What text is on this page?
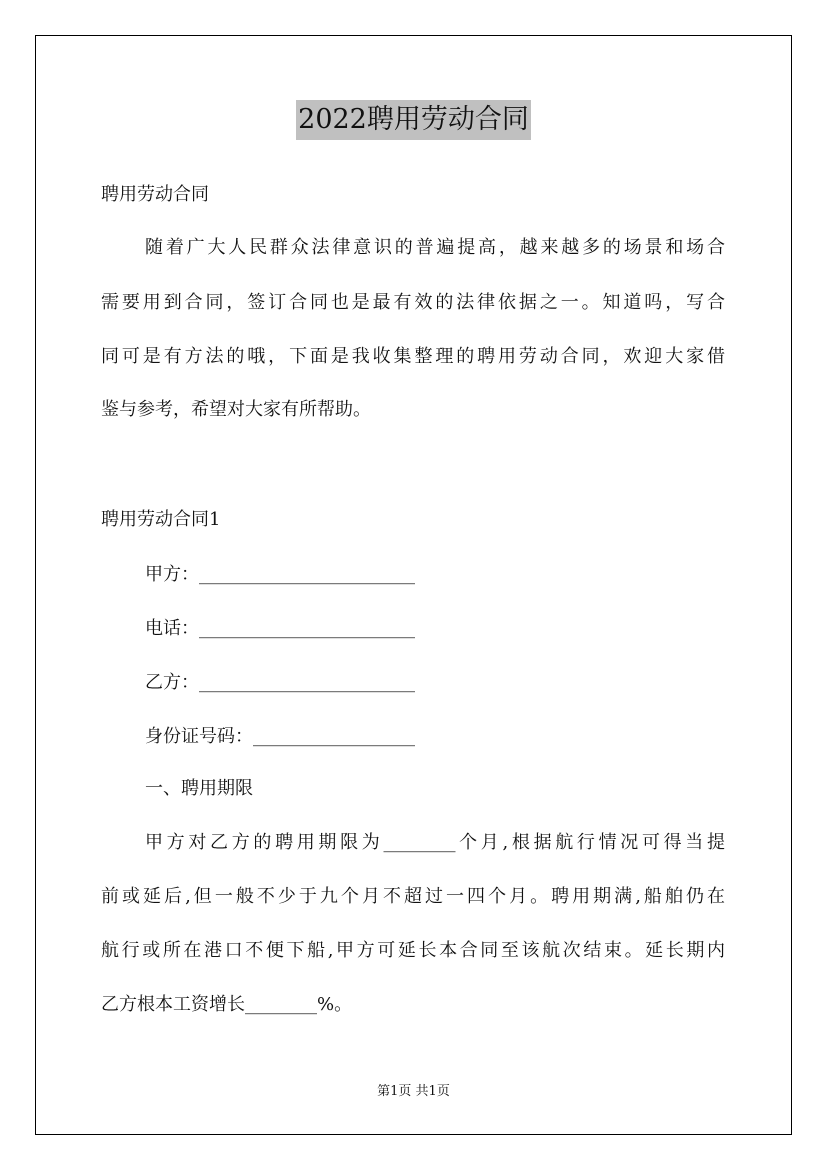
2022聘用劳动合同
聘用劳动合同
随着广大人民群众法律意识的普遍提高，越来越多的场景和场合
需要用到合同，签订合同也是最有效的法律依据之一。知道吗，写合
同可是有方法的哦，下面是我收集整理的聘用劳动合同，欢迎大家借
鉴与参考，希望对大家有所帮助。
聘用劳动合同1
甲方：________________________
电话：________________________
乙方：________________________
身份证号码：__________________
一、聘用期限
甲方对乙方的聘用期限为________个月,根据航行情况可得当提
前或延后,但一般不少于九个月不超过一四个月。聘用期满,船舶仍在
航行或所在港口不便下船,甲方可延长本合同至该航次结束。延长期内
乙方根本工资增长________%。
第1页 共1页
